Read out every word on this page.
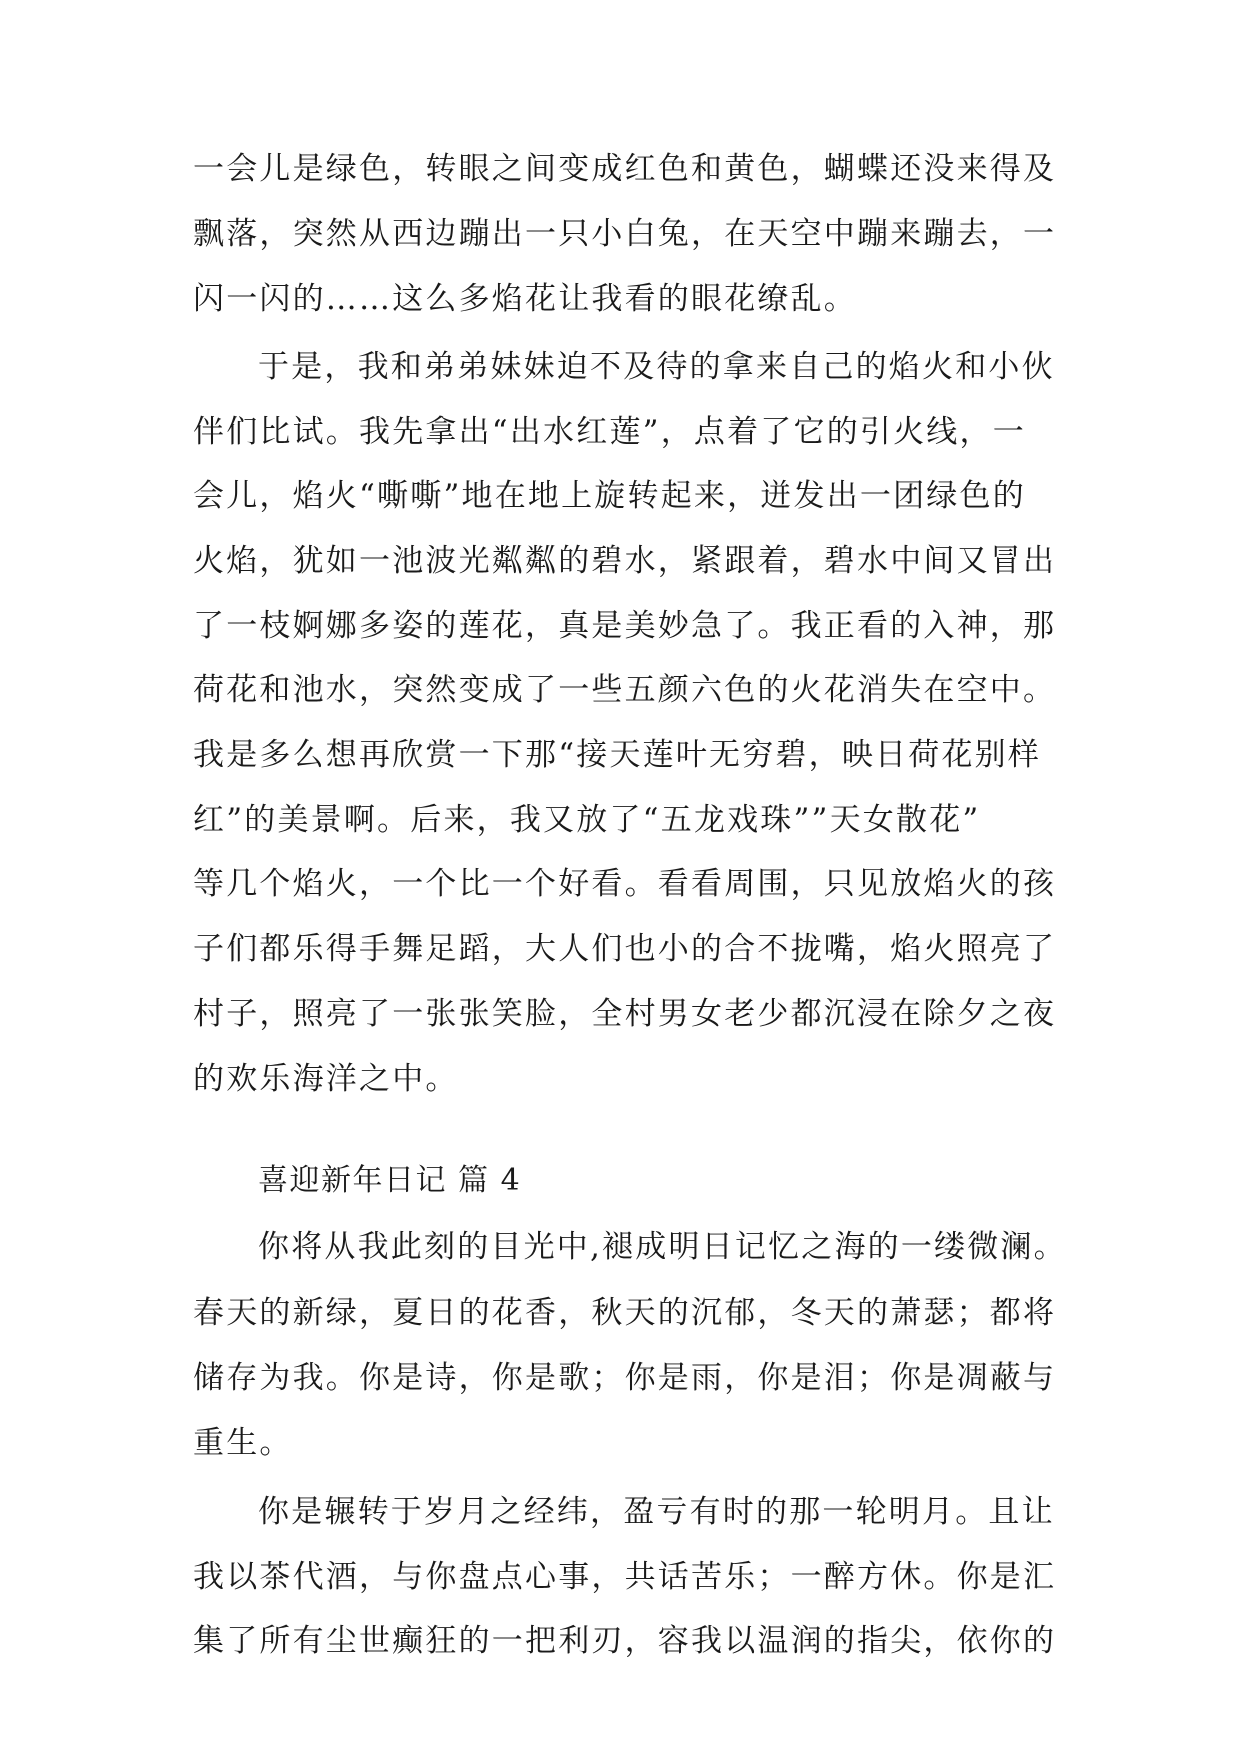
一会儿是绿色，转眼之间变成红色和黄色，蝴蝶还没来得及
飘落，突然从西边蹦出一只小白兔，在天空中蹦来蹦去，一
闪一闪的……这么多焰花让我看的眼花缭乱。
于是，我和弟弟妹妹迫不及待的拿来自己的焰火和小伙
伴们比试。我先拿出“出水红莲”，点着了它的引火线，一
会儿，焰火“嘶嘶”地在地上旋转起来，迸发出一团绿色的
火焰，犹如一池波光粼粼的碧水，紧跟着，碧水中间又冒出
了一枝婀娜多姿的莲花，真是美妙急了。我正看的入神，那
荷花和池水，突然变成了一些五颜六色的火花消失在空中。
我是多么想再欣赏一下那“接天莲叶无穷碧，映日荷花别样
红”的美景啊。后来，我又放了“五龙戏珠””天女散花”
等几个焰火，一个比一个好看。看看周围，只见放焰火的孩
子们都乐得手舞足蹈，大人们也小的合不拢嘴，焰火照亮了
村子，照亮了一张张笑脸，全村男女老少都沉浸在除夕之夜
的欢乐海洋之中。
喜迎新年日记 篇 4
你将从我此刻的目光中,褪成明日记忆之海的一缕微澜。
春天的新绿，夏日的花香，秋天的沉郁，冬天的萧瑟；都将
储存为我。你是诗，你是歌；你是雨，你是泪；你是凋蔽与
重生。
你是辗转于岁月之经纬，盈亏有时的那一轮明月。且让
我以茶代酒，与你盘点心事，共话苦乐；一醉方休。你是汇
集了所有尘世癫狂的一把利刃，容我以温润的指尖，依你的
